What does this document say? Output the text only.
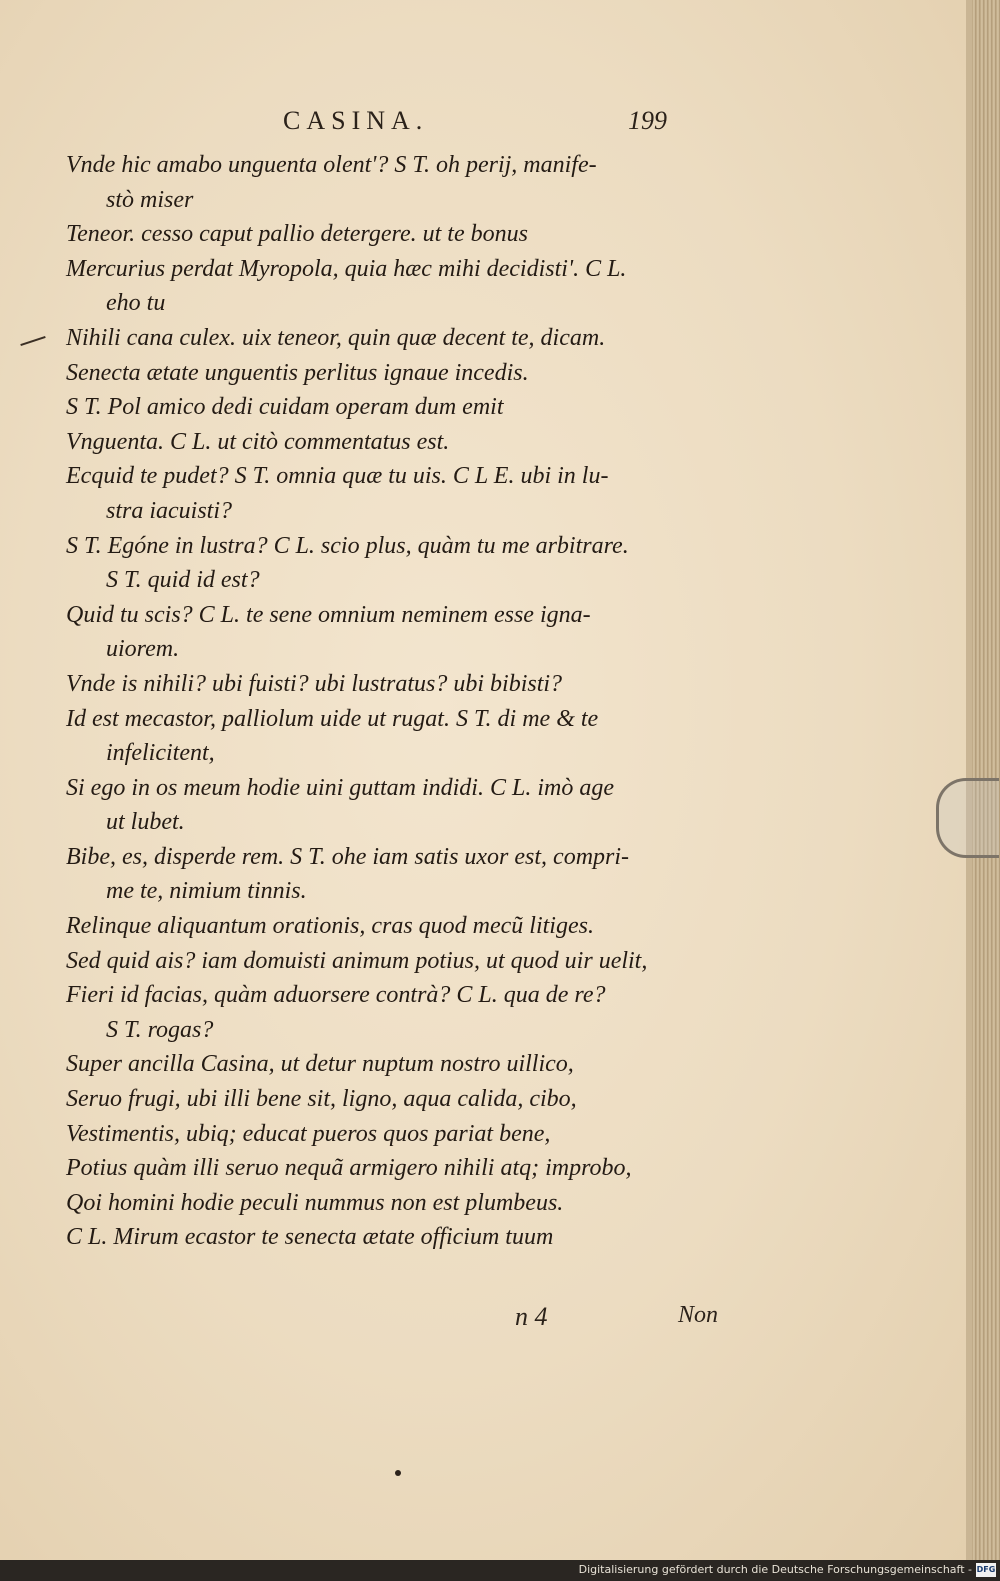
CASINA.	199
Vnde hic amabo unguenta olent'? S T. oh perij, manife-
stò miser
Teneor. cesso caput pallio detergere. ut te bonus
Mercurius perdat Myropola, quia hæc mihi decidisti'. C L.
eho tu
Nihili cana culex. uix teneor, quin quæ decent te, dicam.
Senecta ætate unguentis perlitus ignaue incedis.
S T. Pol amico dedi cuidam operam dum emit
Vnguenta. C L. ut citò commentatus est.
Ecquid te pudet? S T. omnia quæ tu uis. C L E. ubi in lu-
stra iacuisti?
S T. Egóne in lustra? C L. scio plus, quàm tu me arbitrare.
S T. quid id est?
Quid tu scis? C L. te sene omnium neminem esse igna-
uiorem.
Vnde is nihili? ubi fuisti? ubi lustratus? ubi bibisti?
Id est mecastor, palliolum uide ut rugat. S T. di me & te
infelicitent,
Si ego in os meum hodie uini guttam indidi. C L. imò age
ut lubet.
Bibe, es, disperde rem. S T. ohe iam satis uxor est, compri-
me te, nimium tinnis.
Relinque aliquantum orationis, cras quod mecũ litiges.
Sed quid ais? iam domuisti animum potius, ut quod uir uelit,
Fieri id facias, quàm aduorsere contrà? C L. qua de re?
S T. rogas?
Super ancilla Casina, ut detur nuptum nostro uillico,
Seruo frugi, ubi illi bene sit, ligno, aqua calida, cibo,
Vestimentis, ubiq; educat pueros quos pariat bene,
Potius quàm illi seruo nequã armigero nihili atq; improbo,
Qoi homini hodie peculi nummus non est plumbeus.
C L. Mirum ecastor te senecta ætate officium tuum
n 4	Non
Digitalisierung gefördert durch die Deutsche Forschungsgemeinschaft - DFG
